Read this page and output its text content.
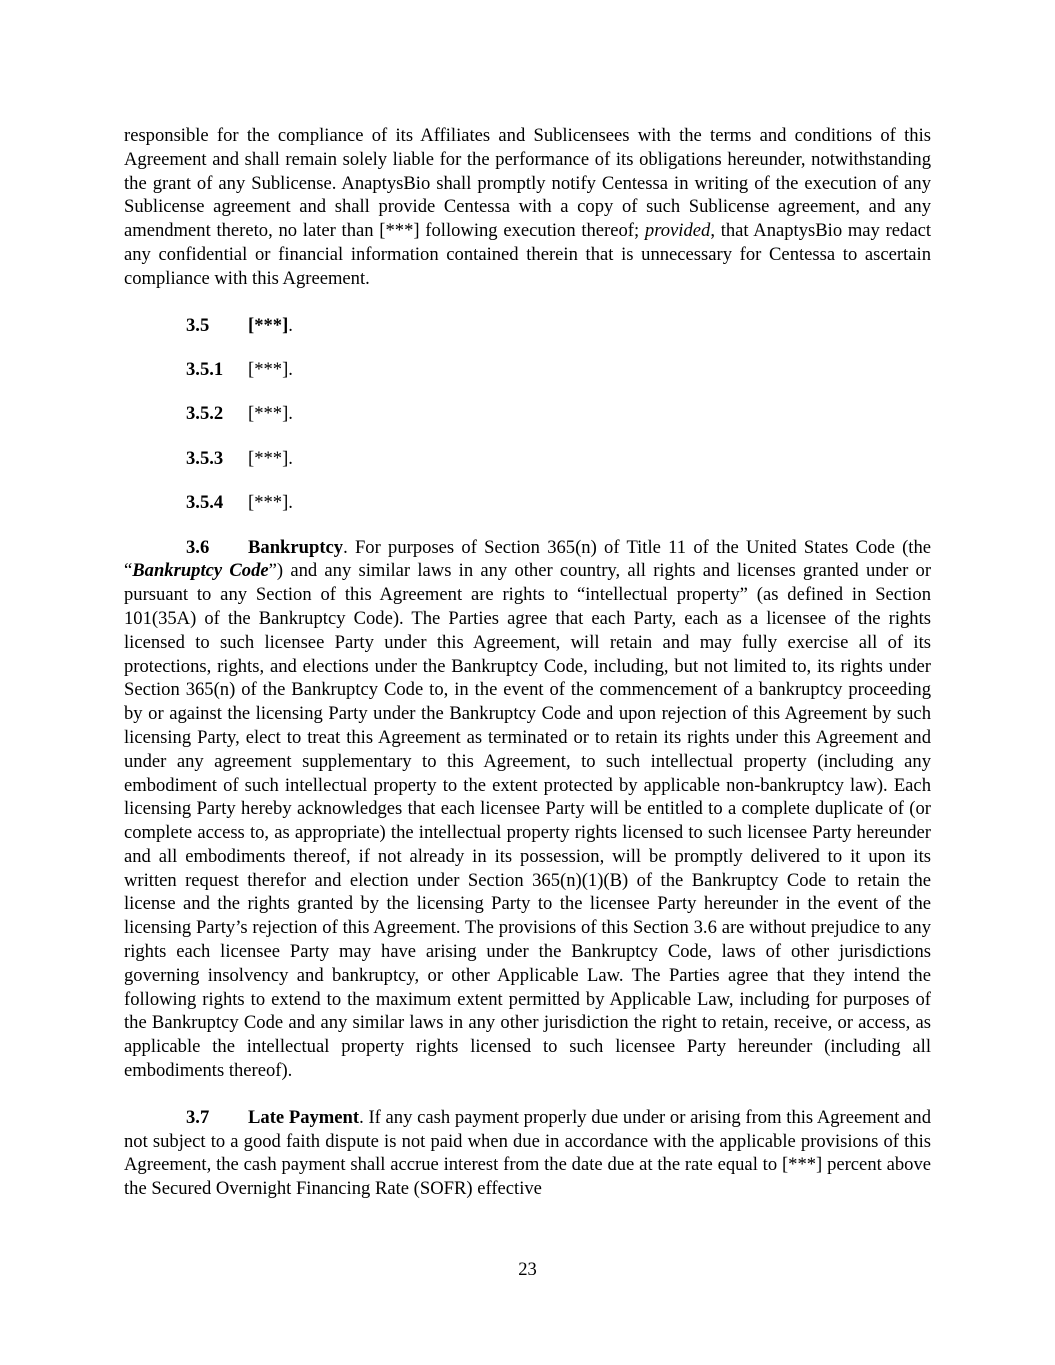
responsible for the compliance of its Affiliates and Sublicensees with the terms and conditions of this Agreement and shall remain solely liable for the performance of its obligations hereunder, notwithstanding the grant of any Sublicense. AnaptysBio shall promptly notify Centessa in writing of the execution of any Sublicense agreement and shall provide Centessa with a copy of such Sublicense agreement, and any amendment thereto, no later than [***] following execution thereof; provided, that AnaptysBio may redact any confidential or financial information contained therein that is unnecessary for Centessa to ascertain compliance with this Agreement.

3.5 [***].

3.5.1 [***].

3.5.2 [***].

3.5.3 [***].

3.5.4 [***].

3.6 Bankruptcy. For purposes of Section 365(n) of Title 11 of the United States Code (the “Bankruptcy Code”) and any similar laws in any other country, all rights and licenses granted under or pursuant to any Section of this Agreement are rights to “intellectual property” (as defined in Section 101(35A) of the Bankruptcy Code). The Parties agree that each Party, each as a licensee of the rights licensed to such licensee Party under this Agreement, will retain and may fully exercise all of its protections, rights, and elections under the Bankruptcy Code, including, but not limited to, its rights under Section 365(n) of the Bankruptcy Code to, in the event of the commencement of a bankruptcy proceeding by or against the licensing Party under the Bankruptcy Code and upon rejection of this Agreement by such licensing Party, elect to treat this Agreement as terminated or to retain its rights under this Agreement and under any agreement supplementary to this Agreement, to such intellectual property (including any embodiment of such intellectual property to the extent protected by applicable non-bankruptcy law). Each licensing Party hereby acknowledges that each licensee Party will be entitled to a complete duplicate of (or complete access to, as appropriate) the intellectual property rights licensed to such licensee Party hereunder and all embodiments thereof, if not already in its possession, will be promptly delivered to it upon its written request therefor and election under Section 365(n)(1)(B) of the Bankruptcy Code to retain the license and the rights granted by the licensing Party to the licensee Party hereunder in the event of the licensing Party’s rejection of this Agreement. The provisions of this Section 3.6 are without prejudice to any rights each licensee Party may have arising under the Bankruptcy Code, laws of other jurisdictions governing insolvency and bankruptcy, or other Applicable Law. The Parties agree that they intend the following rights to extend to the maximum extent permitted by Applicable Law, including for purposes of the Bankruptcy Code and any similar laws in any other jurisdiction the right to retain, receive, or access, as applicable the intellectual property rights licensed to such licensee Party hereunder (including all embodiments thereof).

3.7 Late Payment. If any cash payment properly due under or arising from this Agreement and not subject to a good faith dispute is not paid when due in accordance with the applicable provisions of this Agreement, the cash payment shall accrue interest from the date due at the rate equal to [***] percent above the Secured Overnight Financing Rate (SOFR) effective

23
